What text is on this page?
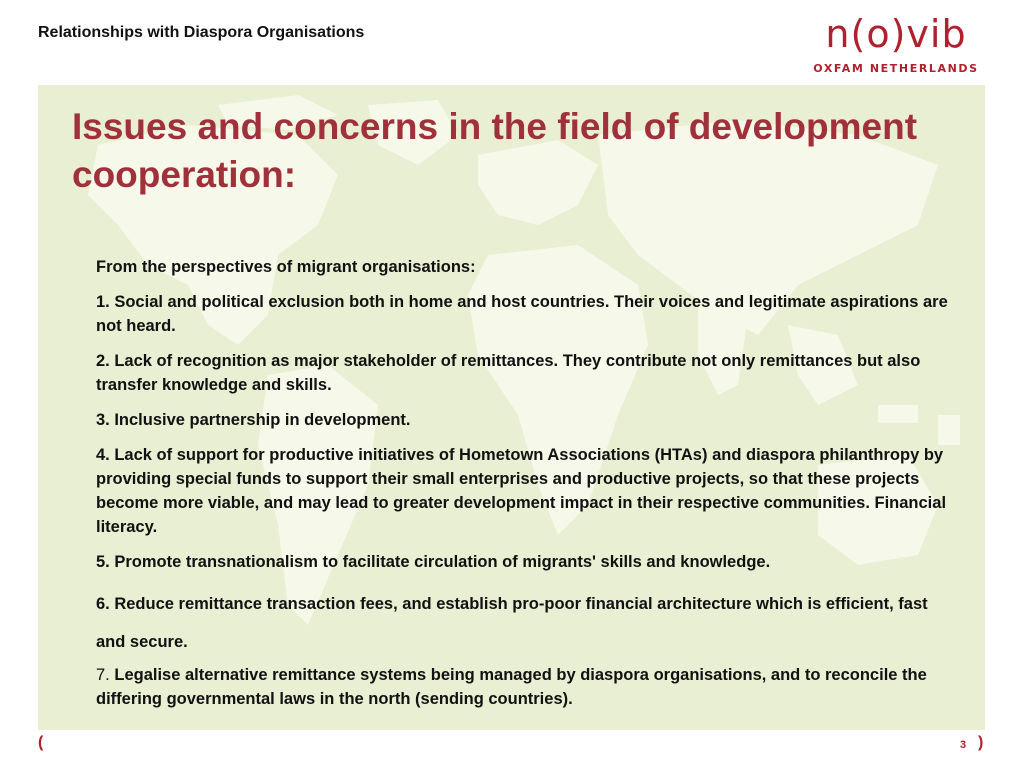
Relationships with Diaspora Organisations	n(o)vib
OXFAM NETHERLANDS
Issues and concerns in the field of development cooperation:

From the perspectives of migrant organisations:

1. Social and political exclusion both in home and host countries. Their voices and legitimate aspirations are not heard.

2. Lack of recognition as major stakeholder of remittances. They contribute not only remittances but also transfer knowledge and skills.

3. Inclusive partnership in development.

4. Lack of support for productive initiatives of Hometown Associations (HTAs) and diaspora philanthropy by providing special funds to support their small enterprises and productive projects, so that these projects become more viable, and may lead to greater development impact in their respective communities. Financial literacy.

5. Promote transnationalism to facilitate circulation of migrants' skills and knowledge.

6. Reduce remittance transaction fees, and establish pro-poor financial architecture which is efficient, fast and secure.

7. Legalise alternative remittance systems being managed by diaspora organisations, and to reconcile the differing governmental laws in the north (sending countries).

(	3 )
